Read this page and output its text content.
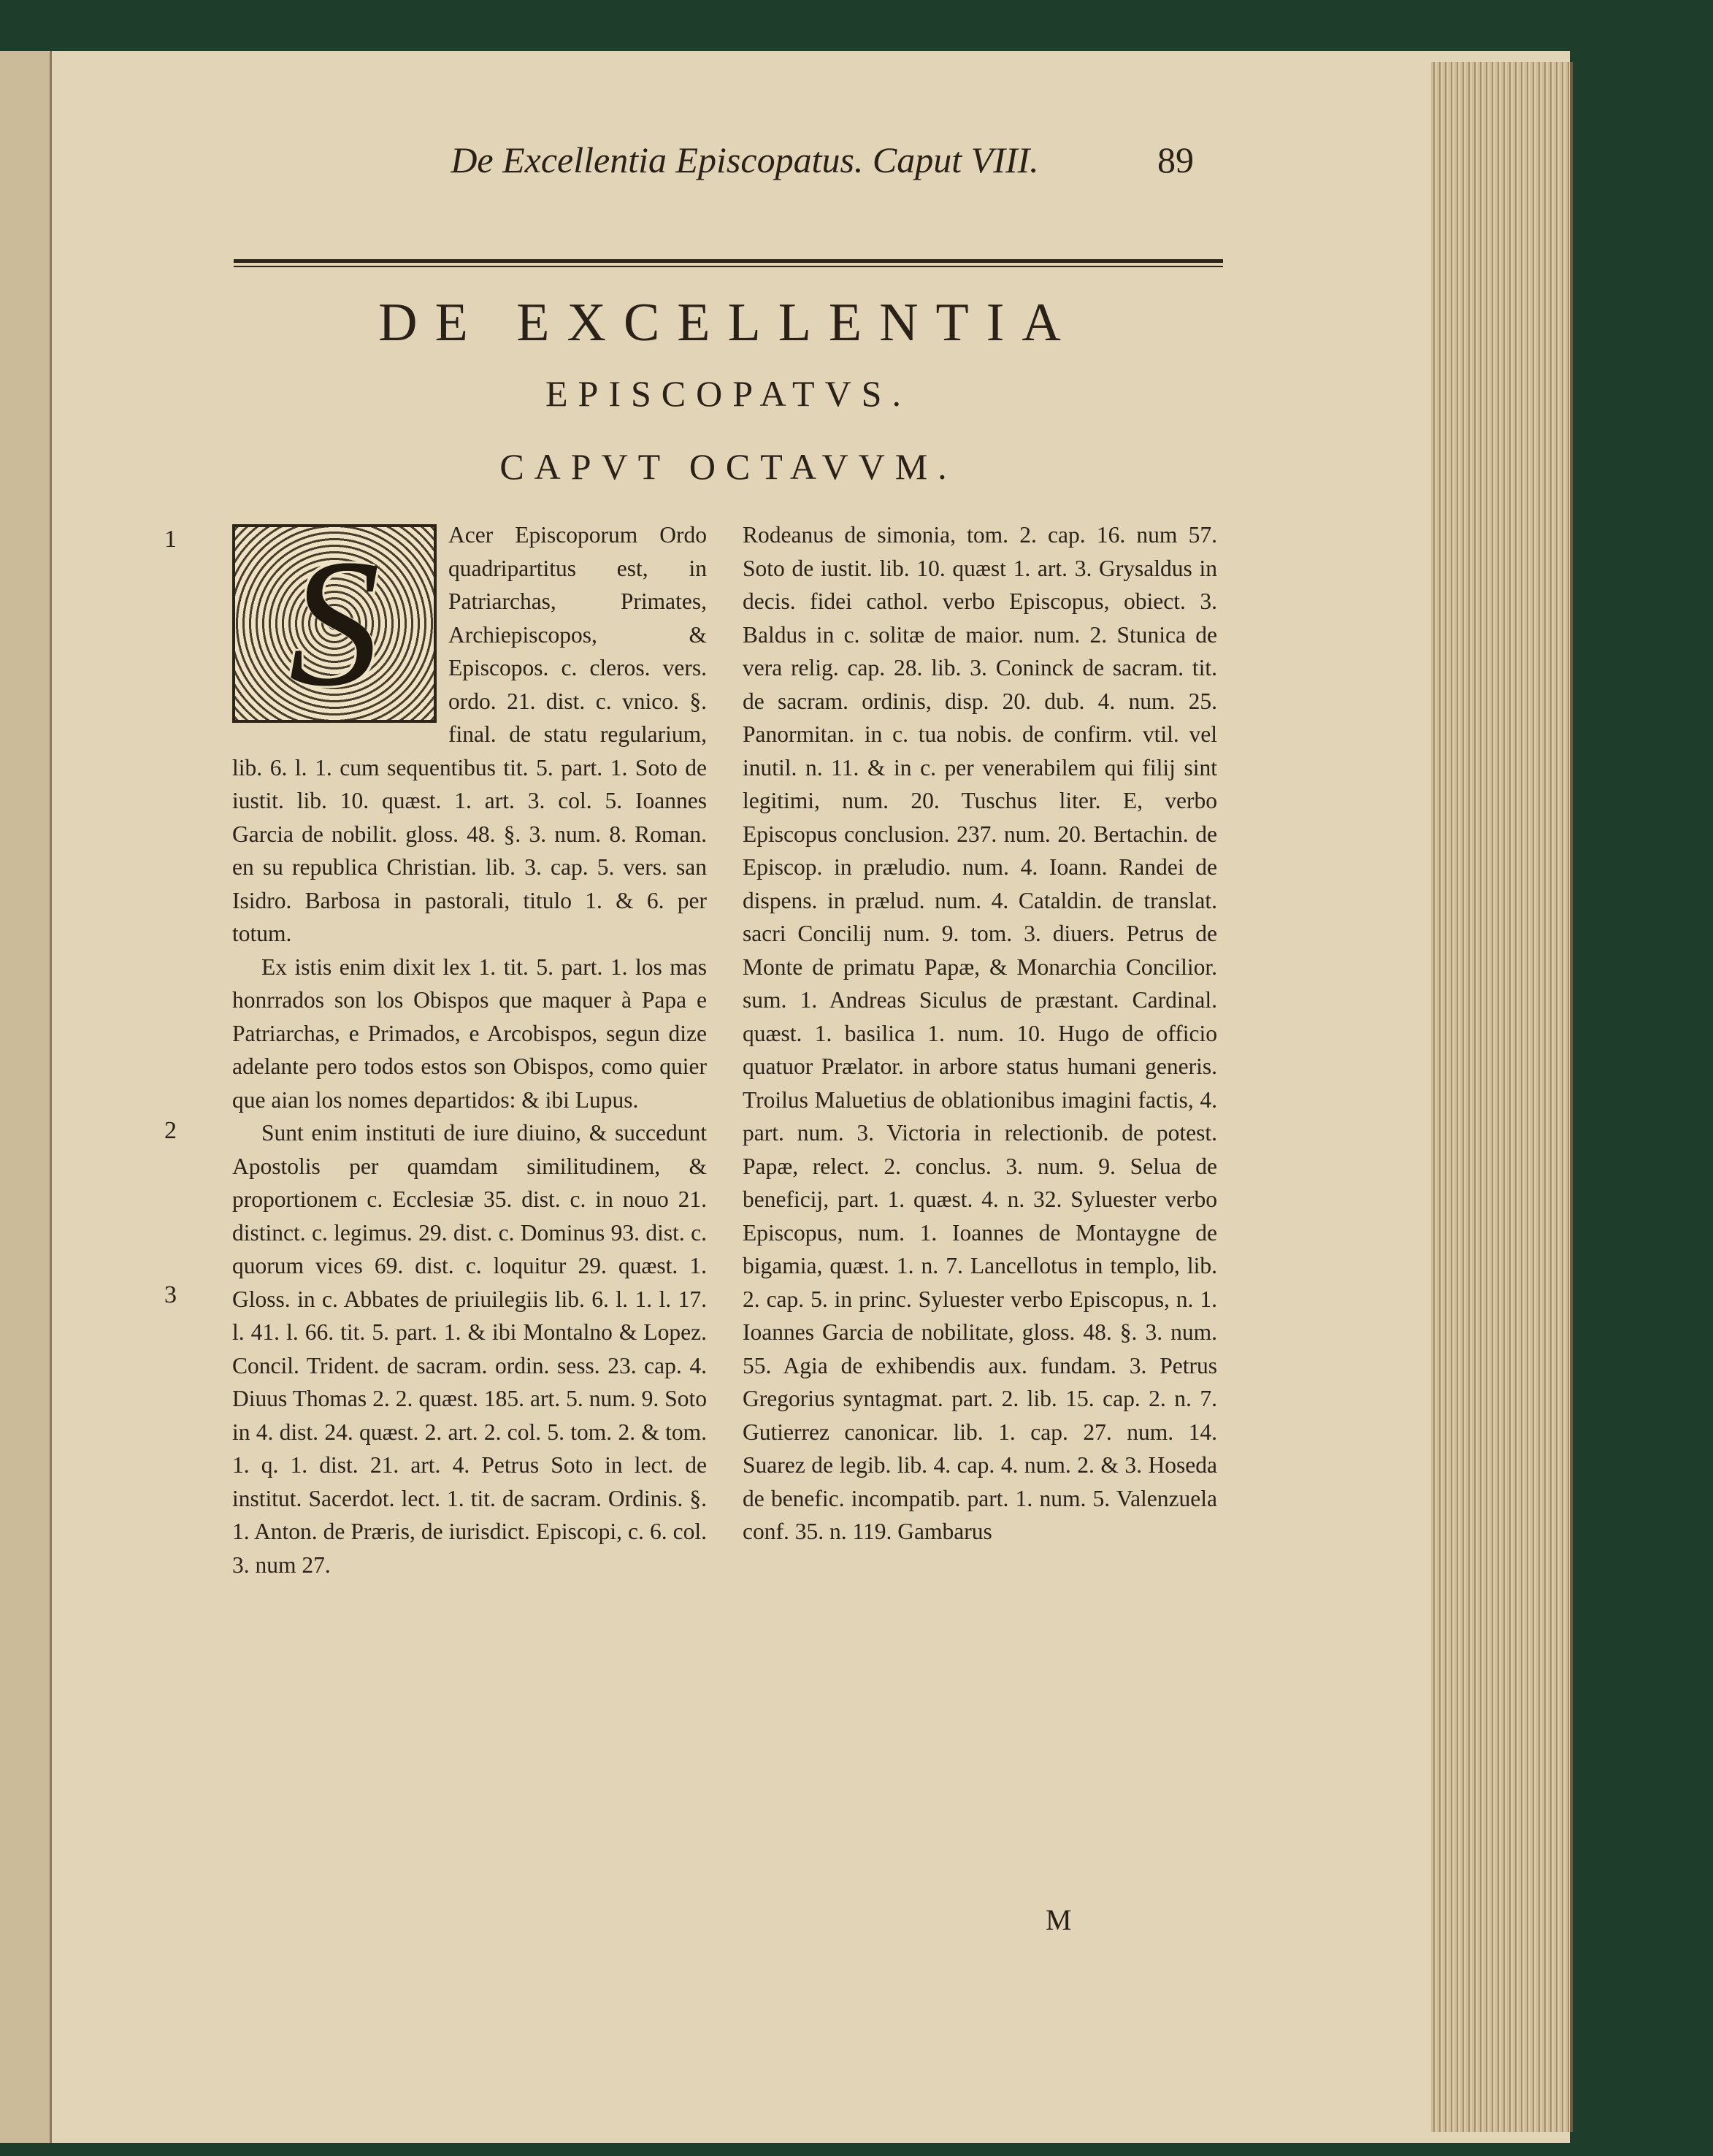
De Excellentia Episcopatus. Caput VIII.	89
DE EXCELLENTIA
EPISCOPATVS.
CAPVT OCTAVVM.
1
2
3
S	Acer Episcoporum Ordo quadripartitus est, in Patriarchas, Primates, Archiepiscopos, & Episcopos. c. cleros. vers. ordo. 21. dist. c. vnico. §. final. de statu regularium, lib. 6. l. 1. cum sequentibus tit. 5. part. 1. Soto de iustit. lib. 10. quæst. 1. art. 3. col. 5. Ioannes Garcia de nobilit. gloss. 48. §. 3. num. 8. Roman. en su republica Christian. lib. 3. cap. 5. vers. san Isidro. Barbosa in pastorali, titulo 1. & 6. per totum.

Ex istis enim dixit lex 1. tit. 5. part. 1. los mas honrrados son los Obispos que maquer à Papa e Patriarchas, e Primados, e Arcobispos, segun dize adelante pero todos estos son Obispos, como quier que aian los nomes departidos: & ibi Lupus.

Sunt enim instituti de iure diuino, & succedunt Apostolis per quamdam similitudinem, & proportionem c. Ecclesiæ 35. dist. c. in nouo 21. distinct. c. legimus. 29. dist. c. Dominus 93. dist. c. quorum vices 69. dist. c. loquitur 29. quæst. 1. Gloss. in c. Abbates de priuilegiis lib. 6. l. 1. l. 17. l. 41. l. 66. tit. 5. part. 1. & ibi Montalno & Lopez. Concil. Trident. de sacram. ordin. sess. 23. cap. 4. Diuus Thomas 2. 2. quæst. 185. art. 5. num. 9. Soto in 4. dist. 24. quæst. 2. art. 2. col. 5. tom. 2. & tom. 1. q. 1. dist. 21. art. 4. Petrus Soto in lect. de institut. Sacerdot. lect. 1. tit. de sacram. Ordinis. §. 1. Anton. de Præris, de iurisdict. Episcopi, c. 6. col. 3. num 27.

Rodeanus de simonia, tom. 2. cap. 16. num 57. Soto de iustit. lib. 10. quæst 1. art. 3. Grysaldus in decis. fidei cathol. verbo Episcopus, obiect. 3. Baldus in c. solitæ de maior. num. 2. Stunica de vera relig. cap. 28. lib. 3. Coninck de sacram. tit. de sacram. ordinis, disp. 20. dub. 4. num. 25. Panormitan. in c. tua nobis. de confirm. vtil. vel inutil. n. 11. & in c. per venerabilem qui filij sint legitimi, num. 20. Tuschus liter. E, verbo Episcopus conclusion. 237. num. 20. Bertachin. de Episcop. in præludio. num. 4. Ioann. Randei de dispens. in prælud. num. 4. Cataldin. de translat. sacri Concilij num. 9. tom. 3. diuers. Petrus de Monte de primatu Papæ, & Monarchia Concilior. sum. 1. Andreas Siculus de præstant. Cardinal. quæst. 1. basilica 1. num. 10. Hugo de officio quatuor Prælator. in arbore status humani generis. Troilus Maluetius de oblationibus imagini factis, 4. part. num. 3. Victoria in relectionib. de potest. Papæ, relect. 2. conclus. 3. num. 9. Selua de beneficij, part. 1. quæst. 4. n. 32. Syluester verbo Episcopus, num. 1. Ioannes de Montaygne de bigamia, quæst. 1. n. 7. Lancellotus in templo, lib. 2. cap. 5. in princ. Syluester verbo Episcopus, n. 1. Ioannes Garcia de nobilitate, gloss. 48. §. 3. num. 55. Agia de exhibendis aux. fundam. 3. Petrus Gregorius syntagmat. part. 2. lib. 15. cap. 2. n. 7. Gutierrez canonicar. lib. 1. cap. 27. num. 14. Suarez de legib. lib. 4. cap. 4. num. 2. & 3. Hoseda de benefic. incompatib. part. 1. num. 5. Valenzuela conf. 35. n. 119. Gambarus

M
